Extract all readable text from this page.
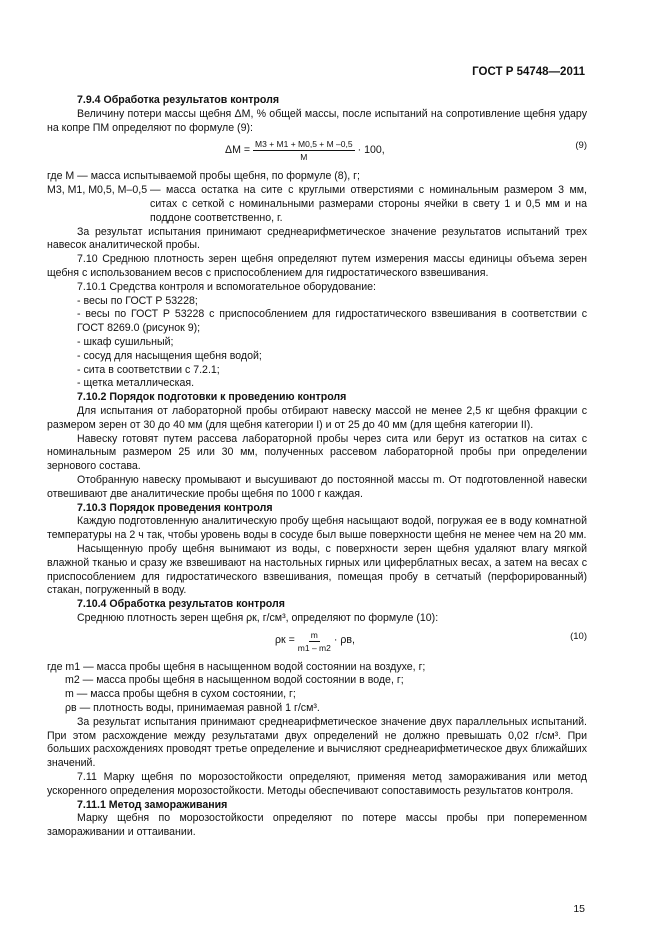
ГОСТ Р 54748—2011

7.9.4 Обработка результатов контроля

Величину потери массы щебня ΔM, % общей массы, после испытаний на сопротивление щебня удару на копре ПМ определяют по формуле (9):

$\Delta M = \frac{M3 + M1 + M0,5 + M -0,5}{M} \cdot 100$,	(9)

где M — масса испытываемой пробы щебня, по формуле (8), г;

M3, M1, M0,5, M–0,5
— масса остатка на сите с круглыми отверстиями с номинальным размером 3 мм, ситах с сеткой с номинальными размерами стороны ячейки в свету 1 и 0,5 мм и на поддоне соответственно, г.

За результат испытания принимают среднеарифметическое значение результатов испытаний трех навесок аналитической пробы.

7.10 Среднюю плотность зерен щебня определяют путем измерения массы единицы объема зерен щебня с использованием весов с приспособлением для гидростатического взвешивания.

7.10.1 Средства контроля и вспомогательное оборудование:

- весы по ГОСТ Р 53228;

- весы по ГОСТ Р 53228 с приспособлением для гидростатического взвешивания в соответствии с ГОСТ 8269.0 (рисунок 9);

- шкаф сушильный;

- сосуд для насыщения щебня водой;

- сита в соответствии с 7.2.1;

- щетка металлическая.

7.10.2 Порядок подготовки к проведению контроля

Для испытания от лабораторной пробы отбирают навеску массой не менее 2,5 кг щебня фракции с размером зерен от 30 до 40 мм (для щебня категории I) и от 25 до 40 мм (для щебня категории II).

Навеску готовят путем рассева лабораторной пробы через сита или берут из остатков на ситах с номинальным размером 25 или 30 мм, полученных рассевом лабораторной пробы при определении зернового состава.

Отобранную навеску промывают и высушивают до постоянной массы m. От подготовленной навески отвешивают две аналитические пробы щебня по 1000 г каждая.

7.10.3 Порядок проведения контроля

Каждую подготовленную аналитическую пробу щебня насыщают водой, погружая ее в воду комнатной температуры на 2 ч так, чтобы уровень воды в сосуде был выше поверхности щебня не менее чем на 20 мм.

Насыщенную пробу щебня вынимают из воды, с поверхности зерен щебня удаляют влагу мягкой влажной тканью и сразу же взвешивают на настольных гирных или циферблатных весах, а затем на весах с приспособлением для гидростатического взвешивания, помещая пробу в сетчатый (перфорированный) стакан, погруженный в воду.

7.10.4 Обработка результатов контроля

Среднюю плотность зерен щебня ρк, г/см³, определяют по формуле (10):

$\rho к = \frac{m}{m1 - m2} \cdot \rho в$,	(10)

где m1 — масса пробы щебня в насыщенном водой состоянии на воздухе, г;

m2 — масса пробы щебня в насыщенном водой состоянии в воде, г;

m — масса пробы щебня в сухом состоянии, г;

ρв — плотность воды, принимаемая равной 1 г/см³.

За результат испытания принимают среднеарифметическое значение двух параллельных испытаний. При этом расхождение между результатами двух определений не должно превышать 0,02 г/см³. При больших расхождениях проводят третье определение и вычисляют среднеарифметическое двух ближайших значений.

7.11 Марку щебня по морозостойкости определяют, применяя метод замораживания или метод ускоренного определения морозостойкости. Методы обеспечивают сопоставимость результатов контроля.

7.11.1 Метод замораживания

Марку щебня по морозостойкости определяют по потере массы пробы при попеременном замораживании и оттаивании.

15
